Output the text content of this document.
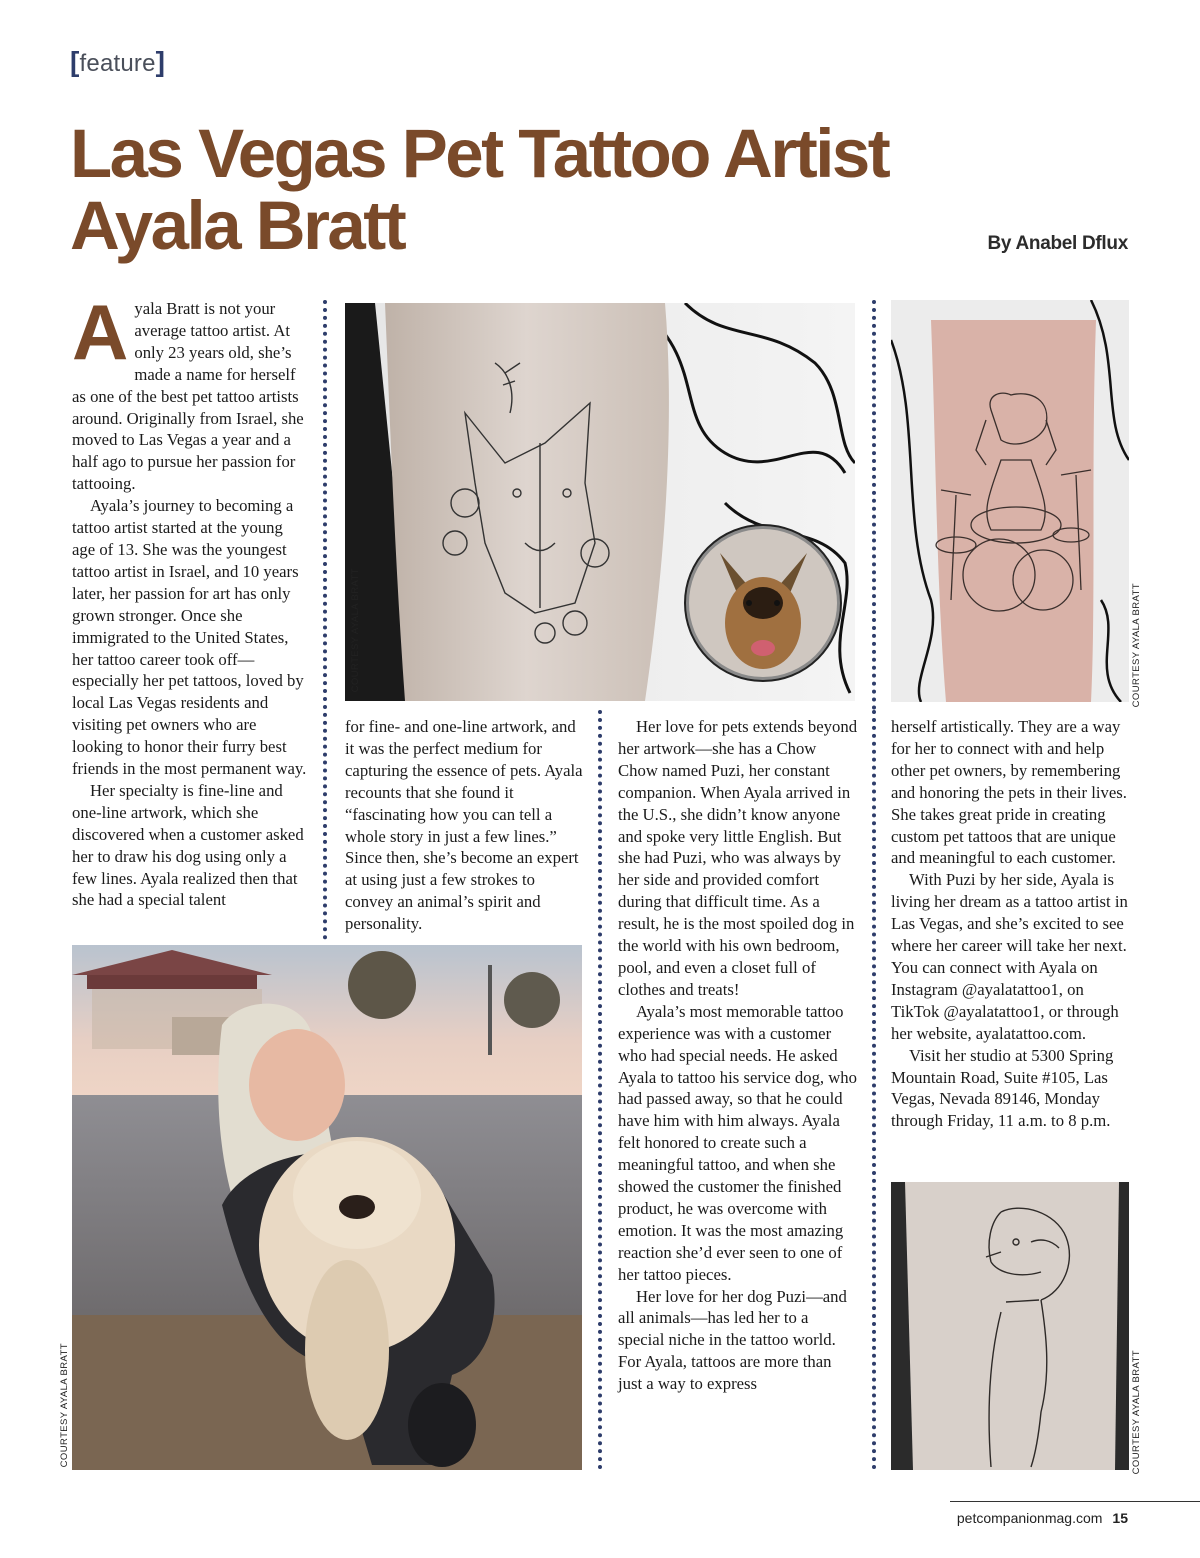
[feature]
Las Vegas Pet Tattoo Artist
Ayala Bratt	By Anabel Dflux

Ayala Bratt is not your average tattoo artist. At only 23 years old, she’s made a name for herself as one of the best pet tattoo artists around. Originally from Israel, she moved to Las Vegas a year and a half ago to pursue her passion for tattooing.

Ayala’s journey to becoming a tattoo artist started at the young age of 13. She was the youngest tattoo artist in Israel, and 10 years later, her passion for art has only grown stronger. Once she immigrated to the United States, her tattoo career took off—especially her pet tattoos, loved by local Las Vegas residents and visiting pet owners who are looking to honor their furry best friends in the most permanent way.

Her specialty is fine-line and one-line artwork, which she discovered when a customer asked her to draw his dog using only a few lines. Ayala realized then that she had a special talent

COURTESY AYALA BRATT	COURTESY AYALA BRATT

for fine- and one-line artwork, and it was the perfect medium for capturing the essence of pets. Ayala recounts that she found it “fascinating how you can tell a whole story in just a few lines.” Since then, she’s become an expert at using just a few strokes to convey an animal’s spirit and personality.

Her love for pets extends beyond her artwork—she has a Chow Chow named Puzi, her constant companion. When Ayala arrived in the U.S., she didn’t know anyone and spoke very little English. But she had Puzi, who was always by her side and provided comfort during that difficult time. As a result, he is the most spoiled dog in the world with his own bedroom, pool, and even a closet full of clothes and treats!

Ayala’s most memorable tattoo experience was with a customer who had special needs. He asked Ayala to tattoo his service dog, who had passed away, so that he could have him with him always. Ayala felt honored to create such a meaningful tattoo, and when she showed the customer the finished product, he was overcome with emotion. It was the most amazing reaction she’d ever seen to one of her tattoo pieces.

Her love for her dog Puzi—and all animals—has led her to a special niche in the tattoo world. For Ayala, tattoos are more than just a way to express

herself artistically. They are a way for her to connect with and help other pet owners, by remembering and honoring the pets in their lives. She takes great pride in creating custom pet tattoos that are unique and meaningful to each customer.

With Puzi by her side, Ayala is living her dream as a tattoo artist in Las Vegas, and she’s excited to see where her career will take her next. You can connect with Ayala on Instagram @ayalatattoo1, on TikTok @ayalatattoo1, or through her website, ayalatattoo.com.

Visit her studio at 5300 Spring Mountain Road, Suite #105, Las Vegas, Nevada 89146, Monday through Friday, 11 a.m. to 8 p.m.

COURTESY AYALA BRATT	COURTESY AYALA BRATT
petcompanionmag.com 15
